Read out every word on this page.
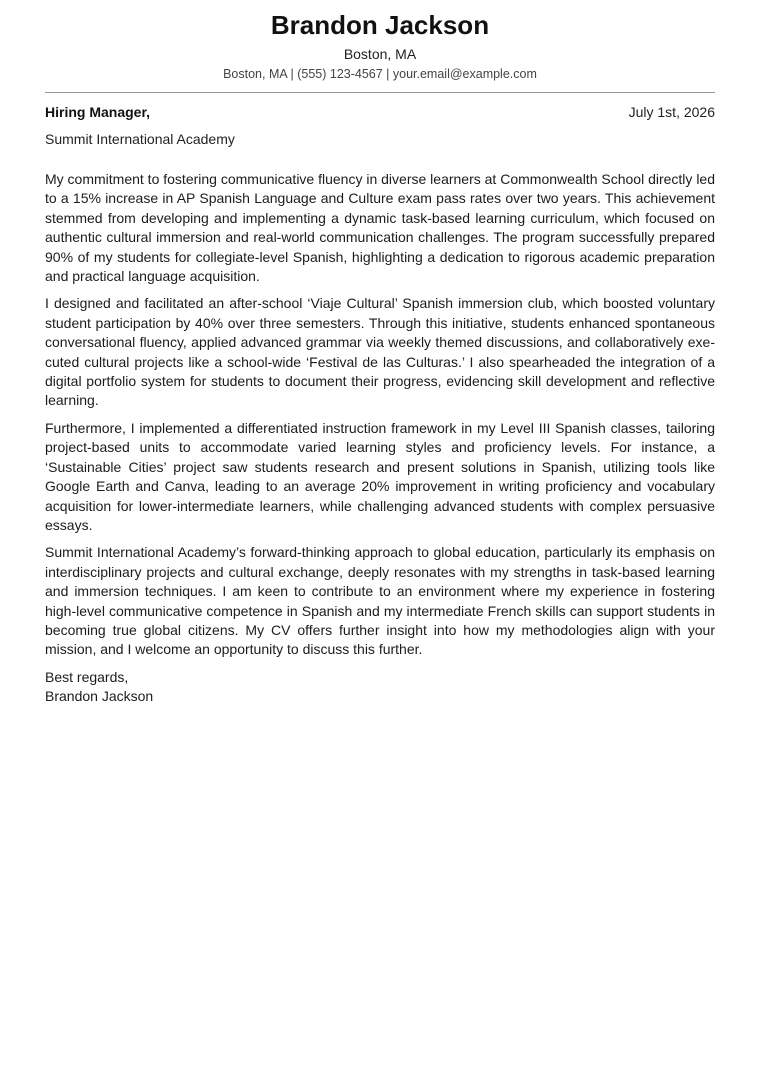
Brandon Jackson
Boston, MA
Boston, MA | (555) 123-4567 | your.email@example.com
Hiring Manager,	July 1st, 2026
Summit International Academy

My commitment to fostering communicative fluency in diverse learners at Commonwealth School directly led to a 15% increase in AP Spanish Language and Culture exam pass rates over two years. This achievement stemmed from developing and implementing a dynamic task-based learning curriculum, which focused on authentic cultural immersion and real-world communication challenges. The program successfully prepared 90% of my students for collegiate-level Spanish, highlighting a dedication to rigorous academic preparation and practical language acquisition.

I designed and facilitated an after-school ‘Viaje Cultural’ Spanish immersion club, which boosted voluntary student participation by 40% over three semesters. Through this initiative, students enhanced spontaneous conversational fluency, applied advanced grammar via weekly themed discussions, and collaboratively executed cultural projects like a school-wide ‘Festival de las Culturas.’ I also spearheaded the integration of a digital portfolio system for students to document their progress, evidencing skill development and reflective learning.

Furthermore, I implemented a differentiated instruction framework in my Level III Spanish classes, tailoring project-based units to accommodate varied learning styles and proficiency levels. For instance, a ‘Sustainable Cities’ project saw students research and present solutions in Spanish, utilizing tools like Google Earth and Canva, leading to an average 20% improvement in writing proficiency and vocabulary acquisition for lower-intermediate learners, while challenging advanced students with complex persuasive essays.

Summit International Academy’s forward-thinking approach to global education, particularly its emphasis on interdisciplinary projects and cultural exchange, deeply resonates with my strengths in task-based learning and immersion techniques. I am keen to contribute to an environment where my experience in fostering high-level communicative competence in Spanish and my intermediate French skills can support students in becoming true global citizens. My CV offers further insight into how my methodologies align with your mission, and I welcome an opportunity to discuss this further.

Best regards,
Brandon Jackson
